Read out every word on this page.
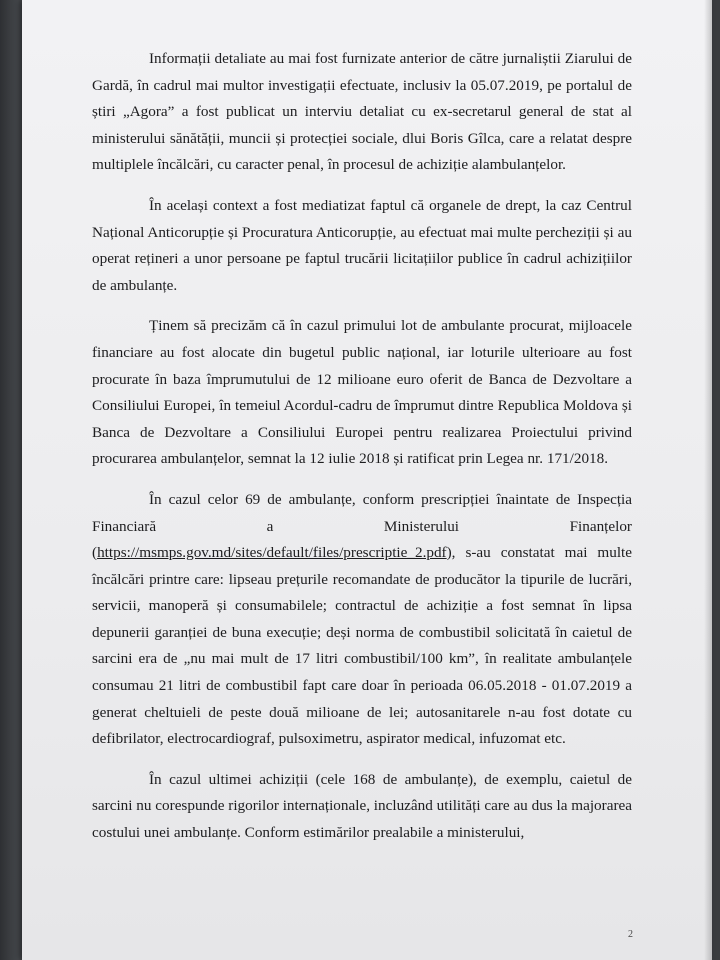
Informații detaliate au mai fost furnizate anterior de către jurnaliștii Ziarului de Gardă, în cadrul mai multor investigații efectuate, inclusiv la 05.07.2019, pe portalul de știri „Agora” a fost publicat un interviu detaliat cu ex-secretarul general de stat al ministerului sănătății, muncii și protecției sociale, dlui Boris Gîlca, care a relatat despre multiplele încălcări, cu caracter penal, în procesul de achiziție alambulanțelor.

În același context a fost mediatizat faptul că organele de drept, la caz Centrul Național Anticorupție și Procuratura Anticorupție, au efectuat mai multe percheziții și au operat rețineri a unor persoane pe faptul trucării licitațiilor publice în cadrul achizițiilor de ambulanțe.

Ținem să precizăm că în cazul primului lot de ambulante procurat, mijloacele financiare au fost alocate din bugetul public național, iar loturile ulterioare au fost procurate în baza împrumutului de 12 milioane euro oferit de Banca de Dezvoltare a Consiliului Europei, în temeiul Acordul-cadru de împrumut dintre Republica Moldova și Banca de Dezvoltare a Consiliului Europei pentru realizarea Proiectului privind procurarea ambulanțelor, semnat la 12 iulie 2018 și ratificat prin Legea nr. 171/2018.

În cazul celor 69 de ambulanțe, conform prescripției înaintate de Inspecția Financiară a Ministerului Finanțelor (https://msmps.gov.md/sites/default/files/prescriptie_2.pdf), s-au constatat mai multe încălcări printre care: lipseau prețurile recomandate de producător la tipurile de lucrări, servicii, manoperă și consumabilele; contractul de achiziție a fost semnat în lipsa depunerii garanției de buna execuție; deși norma de combustibil solicitată în caietul de sarcini era de „nu mai mult de 17 litri combustibil/100 km”, în realitate ambulanțele consumau 21 litri de combustibil fapt care doar în perioada 06.05.2018 - 01.07.2019 a generat cheltuieli de peste două milioane de lei; autosanitarele n-au fost dotate cu defibrilator, electrocardiograf, pulsoximetru, aspirator medical, infuzomat etc.

În cazul ultimei achiziții (cele 168 de ambulanțe), de exemplu, caietul de sarcini nu corespunde rigorilor internaționale, incluzând utilități care au dus la majorarea costului unei ambulanțe. Conform estimărilor prealabile a ministerului,

2
